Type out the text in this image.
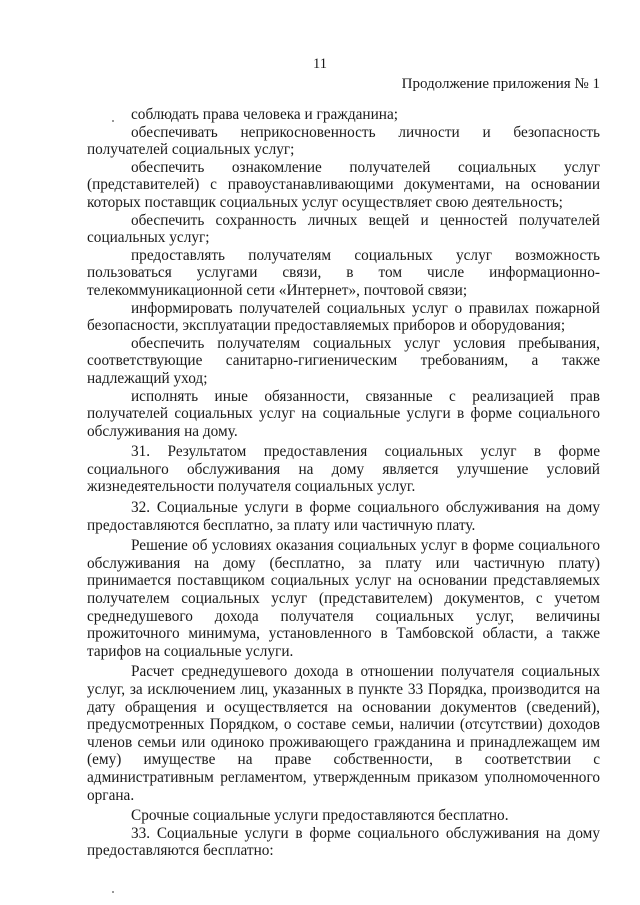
11
Продолжение приложения № 1

соблюдать права человека и гражданина;

обеспечивать неприкосновенность личности и безопасность получателей социальных услуг;

обеспечить ознакомление получателей социальных услуг (представителей) с правоустанавливающими документами, на основании которых поставщик социальных услуг осуществляет свою деятельность;

обеспечить сохранность личных вещей и ценностей получателей социальных услуг;

предоставлять получателям социальных услуг возможность пользоваться услугами связи, в том числе информационно-телекоммуникационной сети «Интернет», почтовой связи;

информировать получателей социальных услуг о правилах пожарной безопасности, эксплуатации предоставляемых приборов и оборудования;

обеспечить получателям социальных услуг условия пребывания, соответствующие санитарно-гигиеническим требованиям, а также надлежащий уход;

исполнять иные обязанности, связанные с реализацией прав получателей социальных услуг на социальные услуги в форме социального обслуживания на дому.

31. Результатом предоставления социальных услуг в форме социального обслуживания на дому является улучшение условий жизнедеятельности получателя социальных услуг.

32. Социальные услуги в форме социального обслуживания на дому предоставляются бесплатно, за плату или частичную плату.

Решение об условиях оказания социальных услуг в форме социального обслуживания на дому (бесплатно, за плату или частичную плату) принимается поставщиком социальных услуг на основании представляемых получателем социальных услуг (представителем) документов, с учетом среднедушевого дохода получателя социальных услуг, величины прожиточного минимума, установленного в Тамбовской области, а также тарифов на социальные услуги.

Расчет среднедушевого дохода в отношении получателя социальных услуг, за исключением лиц, указанных в пункте 33 Порядка, производится на дату обращения и осуществляется на основании документов (сведений), предусмотренных Порядком, о составе семьи, наличии (отсутствии) доходов членов семьи или одиноко проживающего гражданина и принадлежащем им (ему) имуществе на праве собственности, в соответствии с административным регламентом, утвержденным приказом уполномоченного органа.

Срочные социальные услуги предоставляются бесплатно.

33. Социальные услуги в форме социального обслуживания на дому предоставляются бесплатно:
